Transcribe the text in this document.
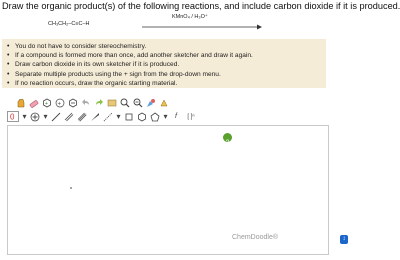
Draw the organic product(s) of the following reactions, and include carbon dioxide if it is produced.
CH₃CH₂–C≡C–H
KMnO₄ / H₃O⁺
• You do not have to consider stereochemistry.
• If a compound is formed more than once, add another sketcher and draw it again.
• Draw carbon dioxide in its own sketcher if it is produced.
• Separate multiple products using the + sign from the drop-down menu.
• If no reaction occurs, draw the organic starting material.
+ +
0 ▾ ▾	▾	▾	f	[ ]ⁿ
?
ChemDoodle®	↕
